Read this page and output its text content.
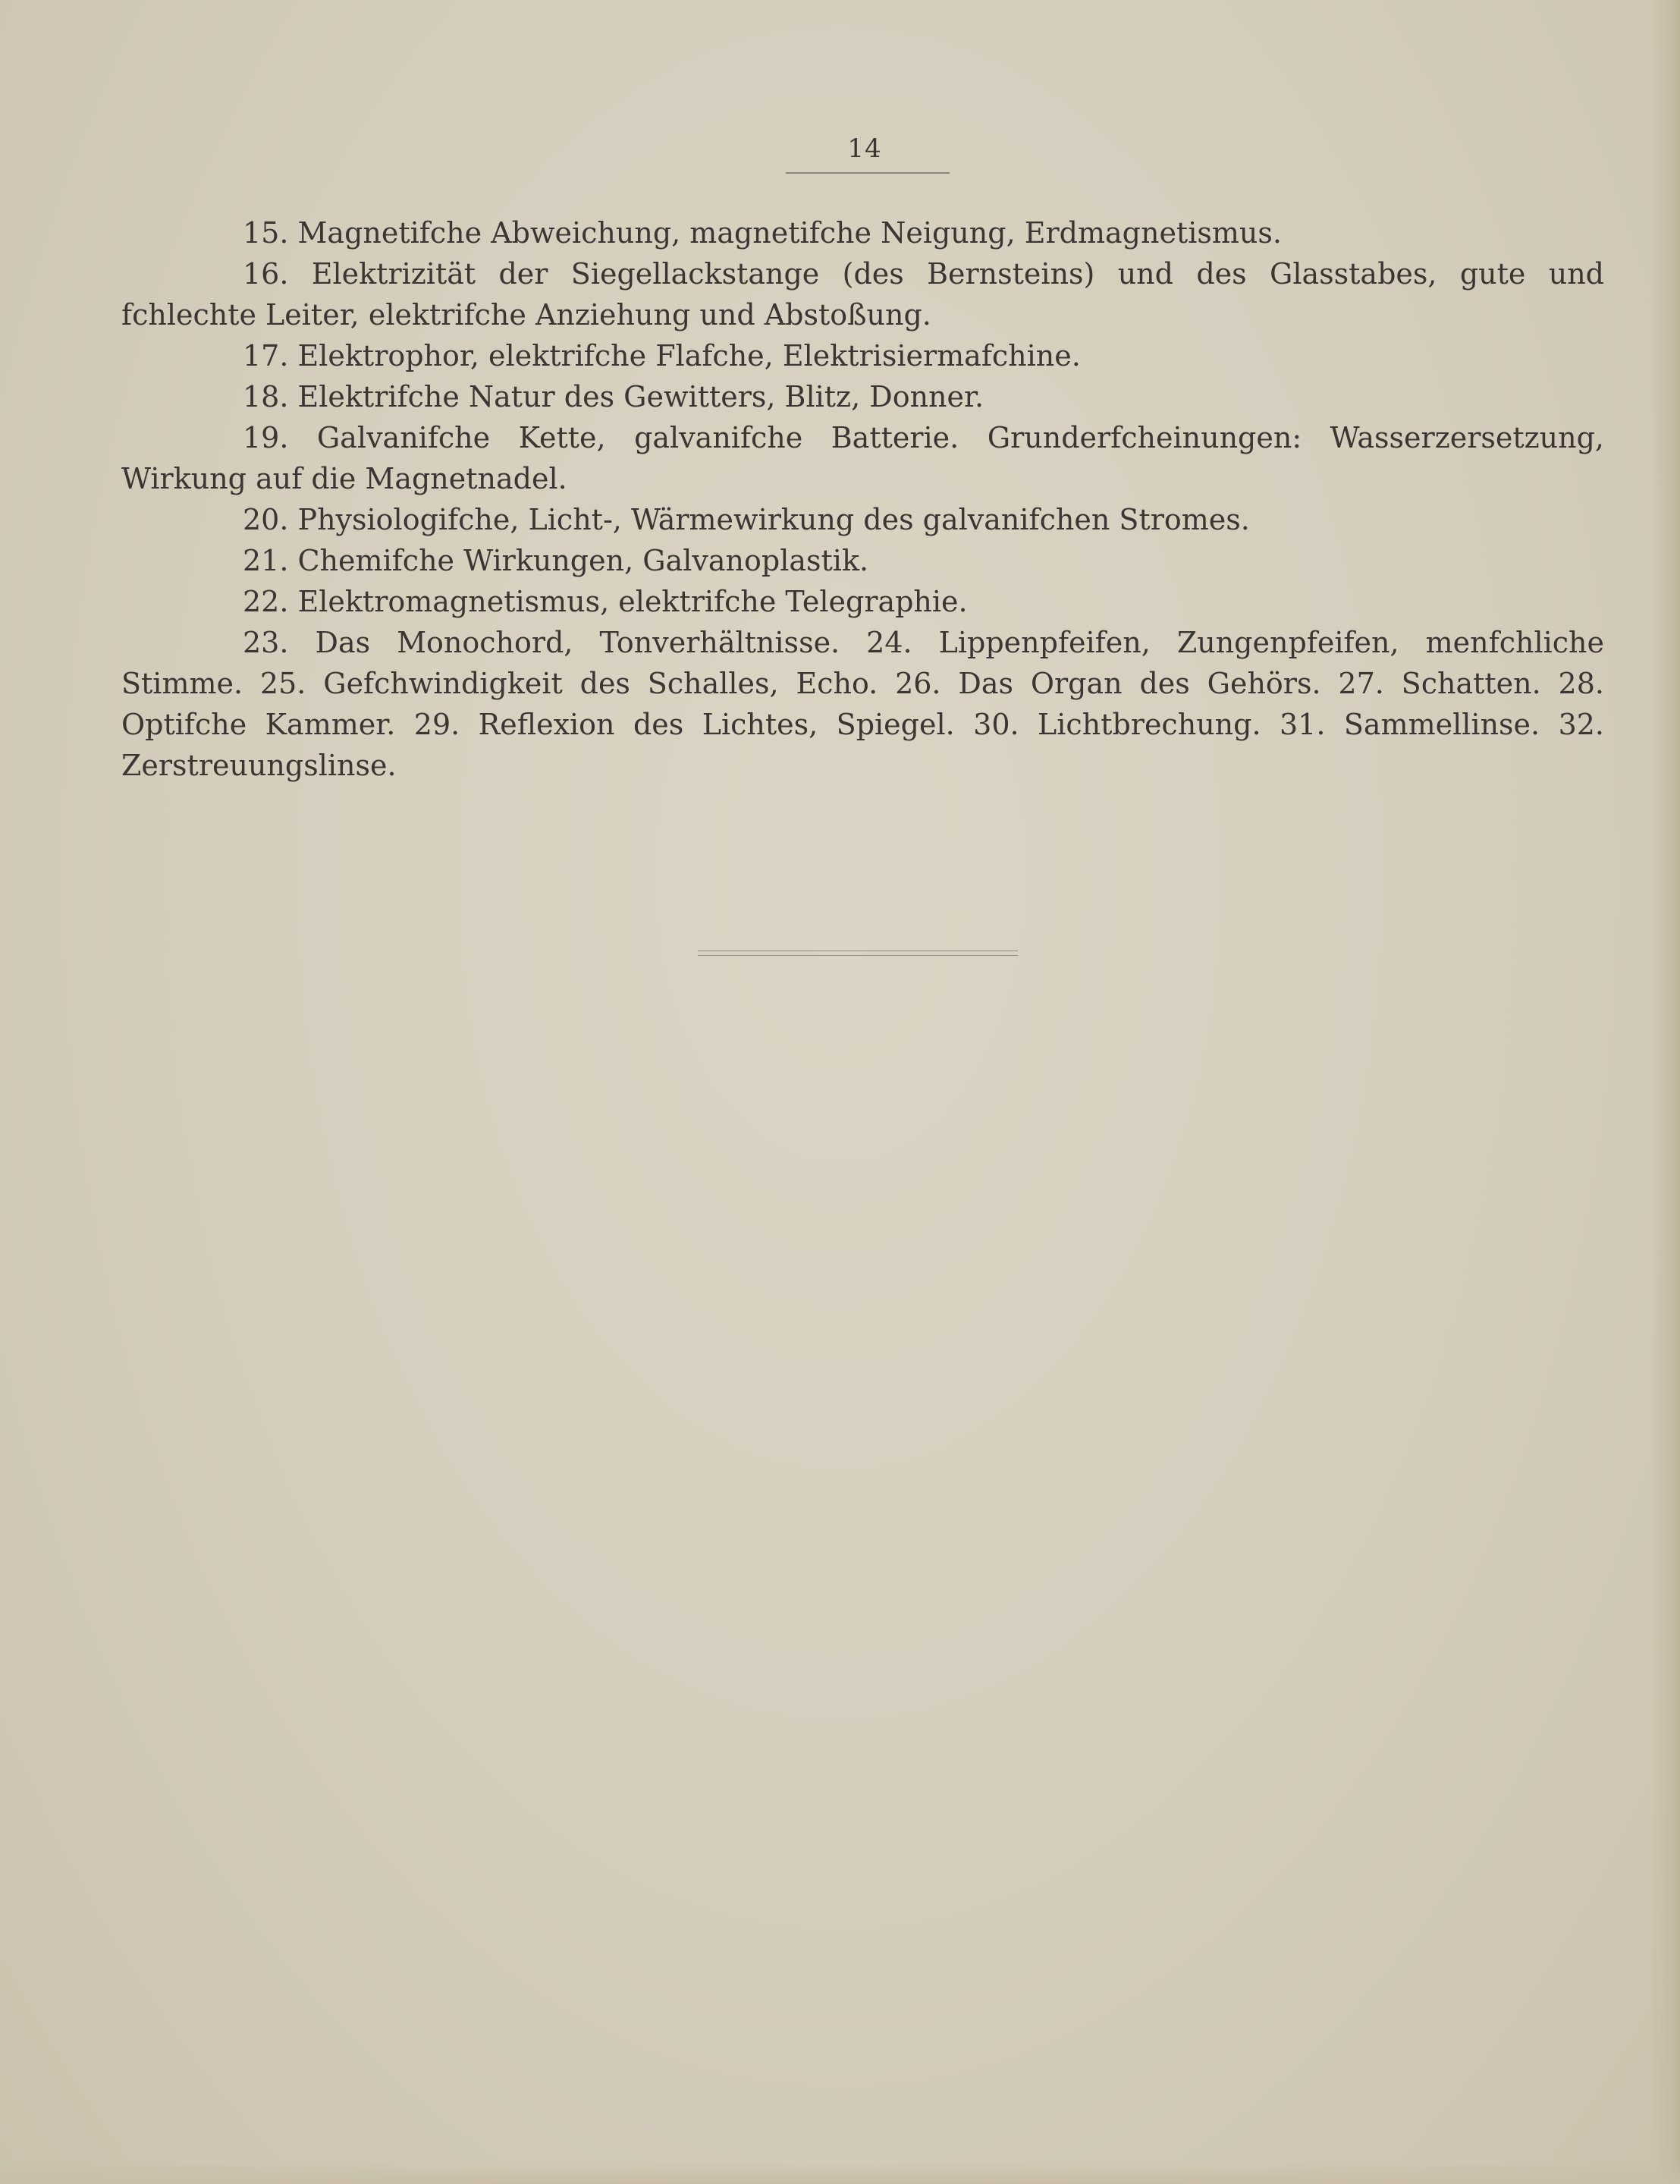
14

15. Magnetifche Abweichung, magnetifche Neigung, Erdmagnetismus.

16. Elektrizität der Siegellackstange (des Bernsteins) und des Glasstabes, gute und fchlechte Leiter, elektrifche Anziehung und Abstoßung.

17. Elektrophor, elektrifche Flafche, Elektrisiermafchine.

18. Elektrifche Natur des Gewitters, Blitz, Donner.

19. Galvanifche Kette, galvanifche Batterie. Grunderfcheinungen: Wasserzersetzung, Wirkung auf die Magnetnadel.

20. Physiologifche, Licht-, Wärmewirkung des galvanifchen Stromes.

21. Chemifche Wirkungen, Galvanoplastik.

22. Elektromagnetismus, elektrifche Telegraphie.

23. Das Monochord, Tonverhältnisse. 24. Lippenpfeifen, Zungenpfeifen, menfchliche Stimme. 25. Gefchwindigkeit des Schalles, Echo. 26. Das Organ des Gehörs. 27. Schatten. 28. Optifche Kammer. 29. Reflexion des Lichtes, Spiegel. 30. Lichtbrechung. 31. Sammellinse. 32. Zerstreuungslinse.
